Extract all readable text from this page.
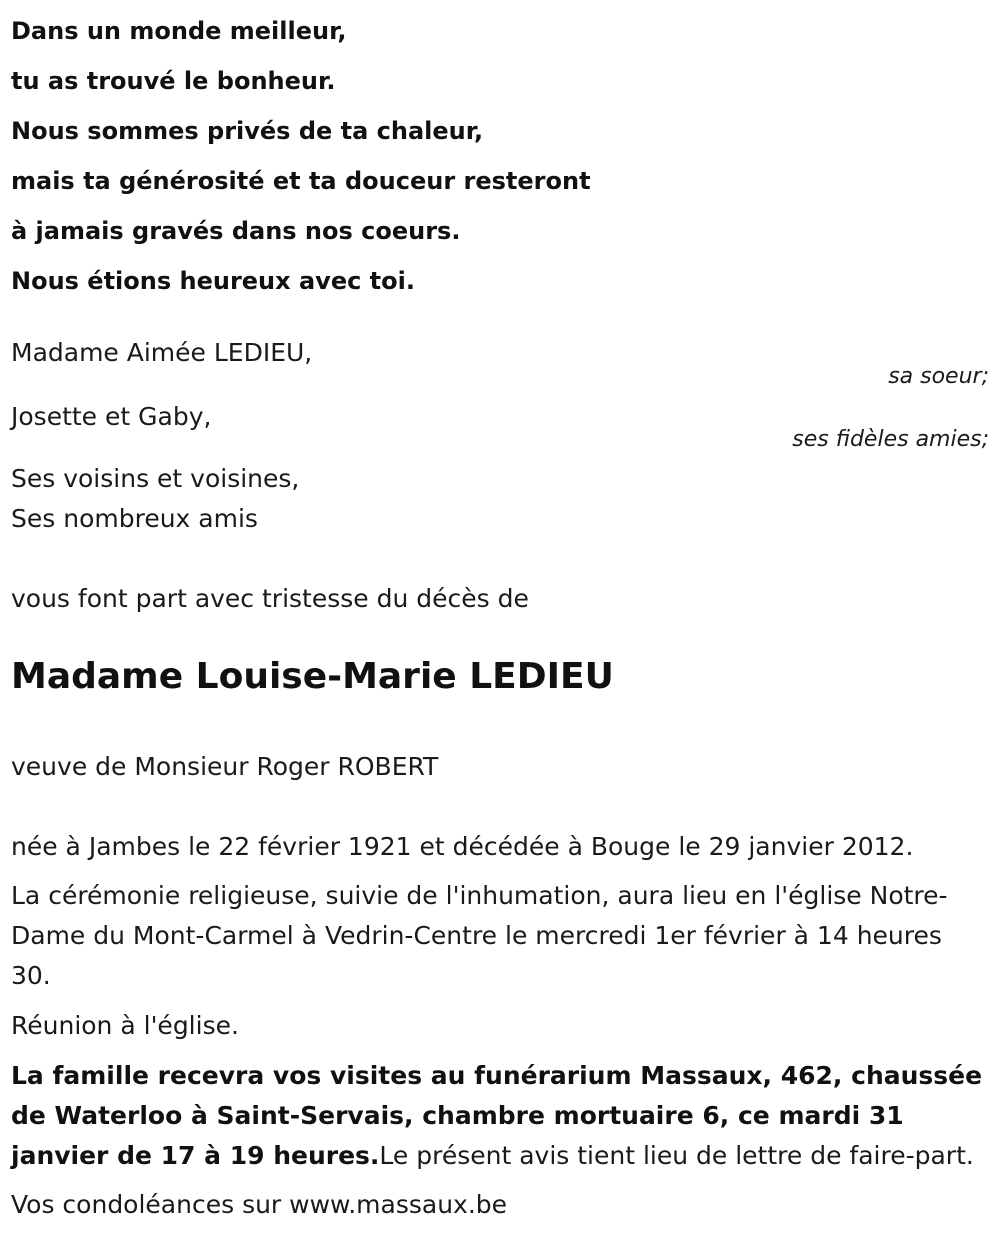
Dans un monde meilleur,
tu as trouvé le bonheur.
Nous sommes privés de ta chaleur,
mais ta générosité et ta douceur resteront
à jamais gravés dans nos coeurs.
Nous étions heureux avec toi.
Madame Aimée LEDIEU,
sa soeur;
Josette et Gaby,
ses fidèles amies;
Ses voisins et voisines,
Ses nombreux amis
vous font part avec tristesse du décès de
Madame Louise-Marie LEDIEU
veuve de Monsieur Roger ROBERT
née à Jambes le 22 février 1921 et décédée à Bouge le 29 janvier 2012.
La cérémonie religieuse, suivie de l'inhumation, aura lieu en l'église Notre-Dame du Mont-Carmel à Vedrin-Centre le mercredi 1er février à 14 heures 30.
Réunion à l'église.
La famille recevra vos visites au funérarium Massaux, 462, chaussée de Waterloo à Saint-Servais, chambre mortuaire 6, ce mardi 31 janvier de 17 à 19 heures.Le présent avis tient lieu de lettre de faire-part.
Vos condoléances sur www.massaux.be
